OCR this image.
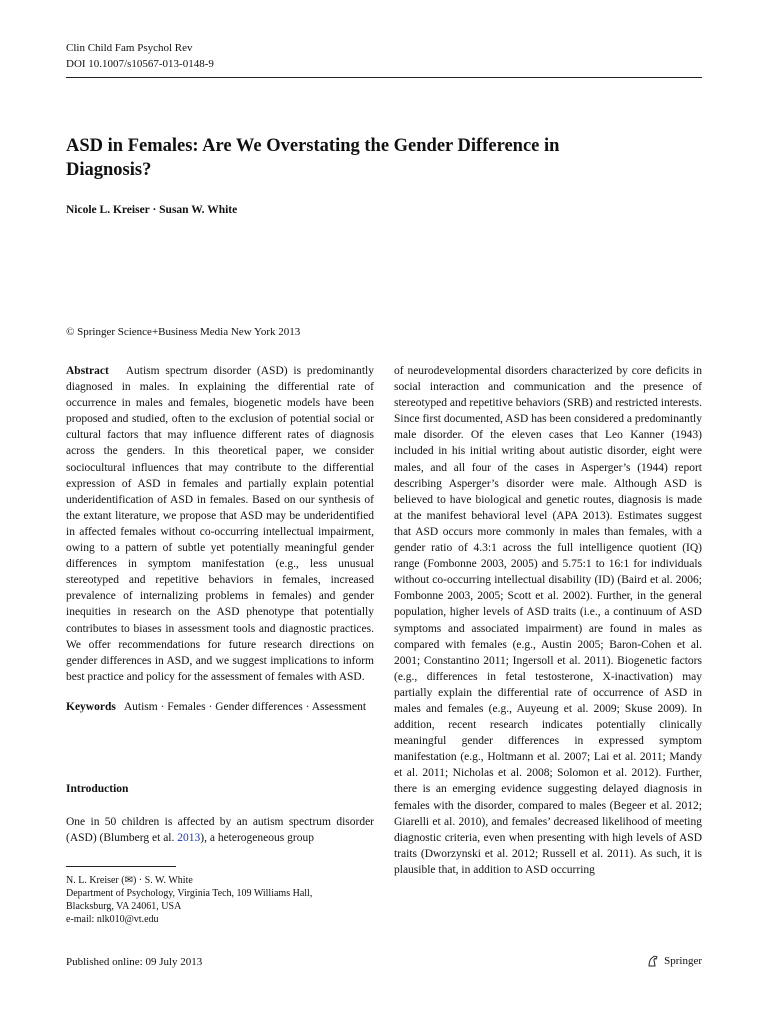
Clin Child Fam Psychol Rev
DOI 10.1007/s10567-013-0148-9
ASD in Females: Are We Overstating the Gender Difference in Diagnosis?
Nicole L. Kreiser · Susan W. White
© Springer Science+Business Media New York 2013

Abstract Autism spectrum disorder (ASD) is predominantly diagnosed in males. In explaining the differential rate of occurrence in males and females, biogenetic models have been proposed and studied, often to the exclusion of potential social or cultural factors that may influence different rates of diagnosis across the genders. In this theoretical paper, we consider sociocultural influences that may contribute to the differential expression of ASD in females and partially explain potential underidentification of ASD in females. Based on our synthesis of the extant literature, we propose that ASD may be underidentified in affected females without co-occurring intellectual impairment, owing to a pattern of subtle yet potentially meaningful gender differences in symptom manifestation (e.g., less unusual stereotyped and repetitive behaviors in females, increased prevalence of internalizing problems in females) and gender inequities in research on the ASD phenotype that potentially contributes to biases in assessment tools and diagnostic practices. We offer recommendations for future research directions on gender differences in ASD, and we suggest implications to inform best practice and policy for the assessment of females with ASD.

Keywords Autism · Females · Gender differences · Assessment

Introduction
One in 50 children is affected by an autism spectrum disorder (ASD) (Blumberg et al. 2013), a heterogeneous group
N. L. Kreiser (✉) · S. W. White
Department of Psychology, Virginia Tech, 109 Williams Hall,
Blacksburg, VA 24061, USA
e-mail: nlk010@vt.edu

of neurodevelopmental disorders characterized by core deficits in social interaction and communication and the presence of stereotyped and repetitive behaviors (SRB) and restricted interests. Since first documented, ASD has been considered a predominantly male disorder. Of the eleven cases that Leo Kanner (1943) included in his initial writing about autistic disorder, eight were males, and all four of the cases in Asperger’s (1944) report describing Asperger’s disorder were male. Although ASD is believed to have biological and genetic routes, diagnosis is made at the manifest behavioral level (APA 2013). Estimates suggest that ASD occurs more commonly in males than females, with a gender ratio of 4.3:1 across the full intelligence quotient (IQ) range (Fombonne 2003, 2005) and 5.75:1 to 16:1 for individuals without co-occurring intellectual disability (ID) (Baird et al. 2006; Fombonne 2003, 2005; Scott et al. 2002). Further, in the general population, higher levels of ASD traits (i.e., a continuum of ASD symptoms and associated impairment) are found in males as compared with females (e.g., Austin 2005; Baron-Cohen et al. 2001; Constantino 2011; Ingersoll et al. 2011). Biogenetic factors (e.g., differences in fetal testosterone, X-inactivation) may partially explain the differential rate of occurrence of ASD in males and females (e.g., Auyeung et al. 2009; Skuse 2009). In addition, recent research indicates potentially clinically meaningful gender differences in expressed symptom manifestation (e.g., Holtmann et al. 2007; Lai et al. 2011; Mandy et al. 2011; Nicholas et al. 2008; Solomon et al. 2012). Further, there is an emerging evidence suggesting delayed diagnosis in females with the disorder, compared to males (Begeer et al. 2012; Giarelli et al. 2010), and females’ decreased likelihood of meeting diagnostic criteria, even when presenting with high levels of ASD traits (Dworzynski et al. 2012; Russell et al. 2011). As such, it is plausible that, in addition to ASD occurring

Published online: 09 July 2013	Springer
